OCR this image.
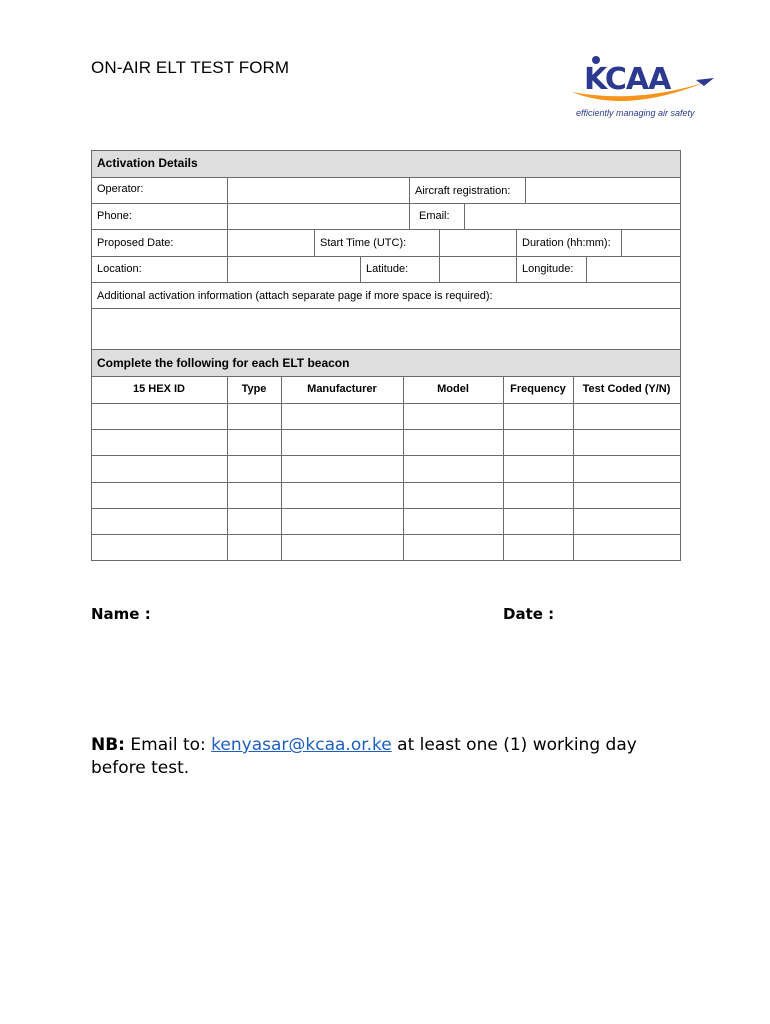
ON-AIR ELT TEST FORM	KCAA
efficiently managing air safety
Activation Details
Operator:	Aircraft registration:
Phone:	Email:
Proposed Date:	Start Time (UTC):	Duration (hh:mm):
Location:	Latitude:	Longitude:
Additional activation information (attach separate page if more space is required):
Complete the following for each ELT beacon
15 HEX ID	Type	Manufacturer	Model	Frequency	Test Coded (Y/N)
Name :	Date :
NB: Email to: kenyasar@kcaa.or.ke at least one (1) working day before test.
